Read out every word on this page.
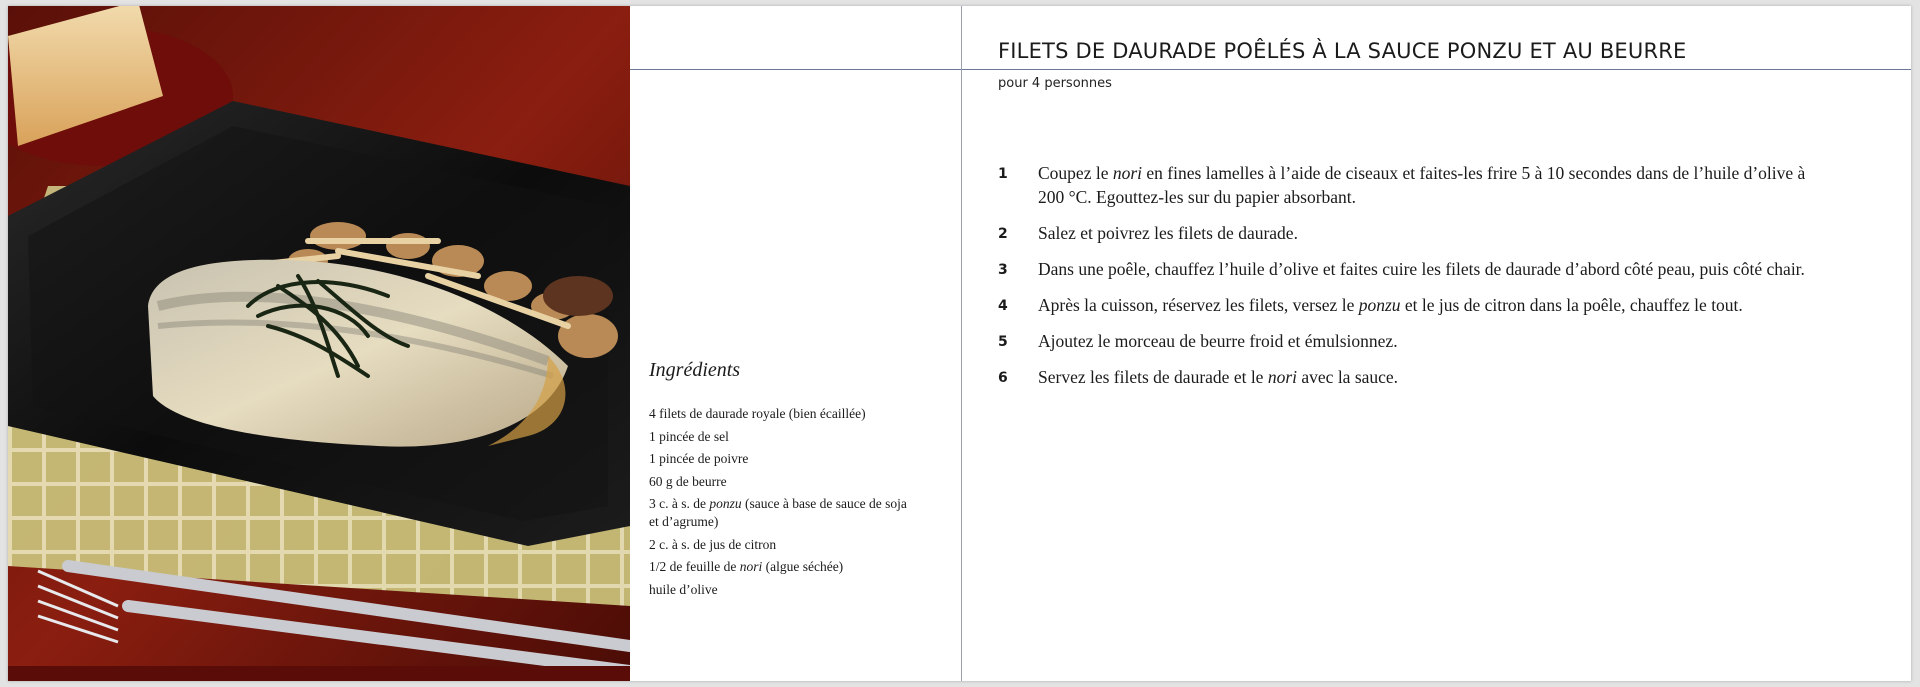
FILETS DE DAURADE POÊLÉS À LA SAUCE PONZU ET AU BEURRE
pour 4 personnes
Ingrédients
4 filets de daurade royale (bien écaillée)
1 pincée de sel
1 pincée de poivre
60 g de beurre
3 c. à s. de ponzu (sauce à base de sauce de soja et d’agrume)
2 c. à s. de jus de citron
1/2 de feuille de nori (algue séchée)
huile d’olive
1 Coupez le nori en fines lamelles à l’aide de ciseaux et faites-les frire 5 à 10 secondes dans de l’huile d’olive à 200 °C. Egouttez-les sur du papier absorbant.
2 Salez et poivrez les filets de daurade.
3 Dans une poêle, chauffez l’huile d’olive et faites cuire les filets de daurade d’abord côté peau, puis côté chair.
4 Après la cuisson, réservez les filets, versez le ponzu et le jus de citron dans la poêle, chauffez le tout.
5 Ajoutez le morceau de beurre froid et émulsionnez.
6 Servez les filets de daurade et le nori avec la sauce.
